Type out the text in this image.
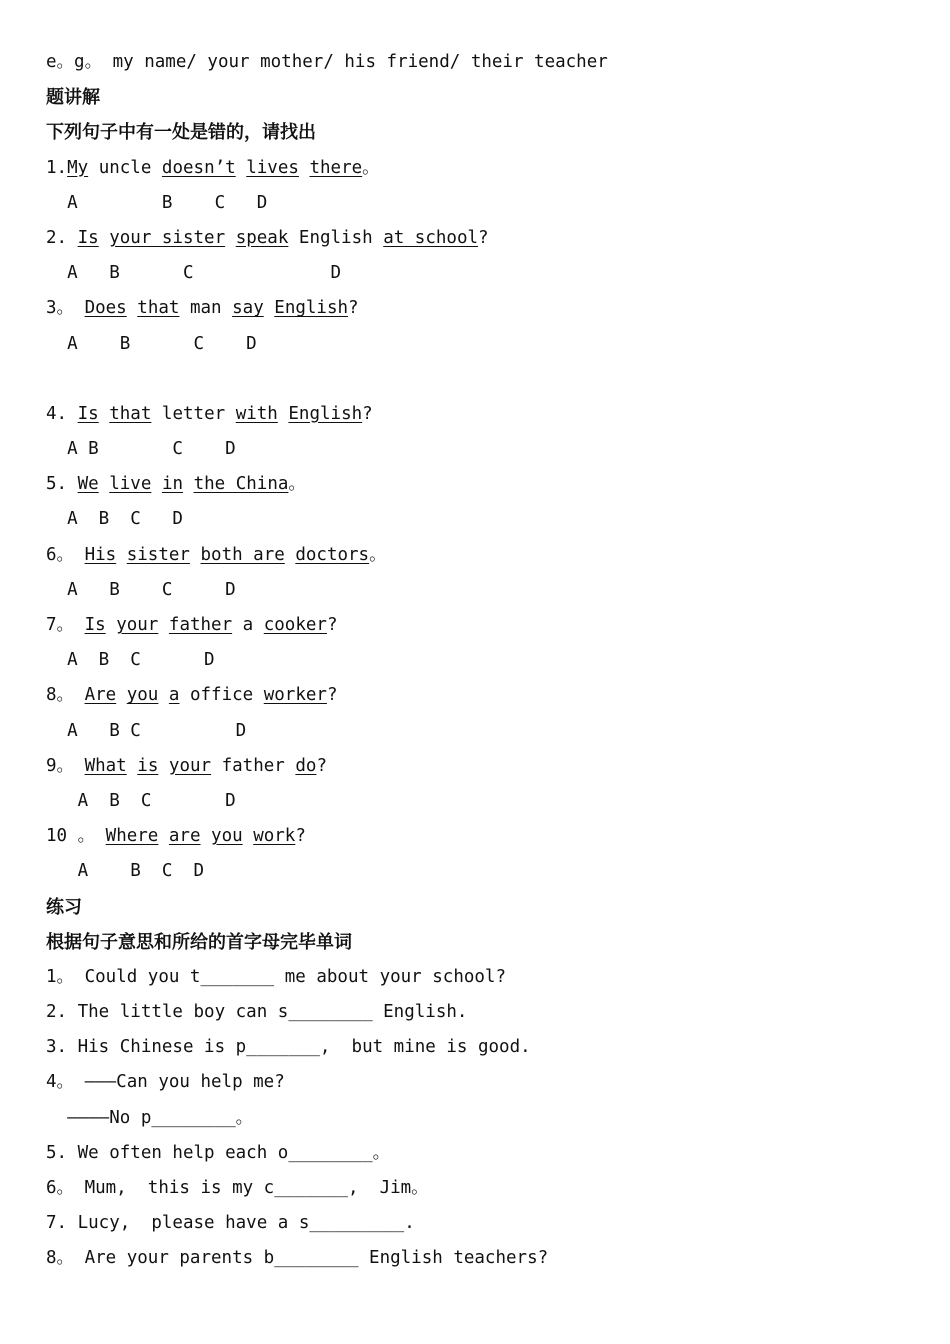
e。g。 my name/ your mother/ his friend/ their teacher
题讲解
下列句子中有一处是错的，请找出
1.My uncle doesn’t lives there。
A        B    C   D
2. Is your sister speak English at school?
A   B      C             D
3。 Does that man say English?
A    B      C    D
4. Is that letter with English?
A B       C    D
5. We live in the China。
A  B  C   D
6。 His sister both are doctors。
A   B    C     D
7。 Is your father a cooker?
A  B  C      D
8。 Are you a office worker?
A   B C         D
9。 What is your father do?
A  B  C       D
10 。 Where are you work?
A    B  C  D
练习
根据句子意思和所给的首字母完毕单词
1。 Could you t_______ me about your school?
2. The little boy can s________ English.
3. His Chinese is p_______,  but mine is good.
4。 ———Can you help me?
————No p________。
5. We often help each o________。
6。 Mum,  this is my c_______,  Jim。
7. Lucy,  please have a s_________.
8。 Are your parents b________ English teachers?
